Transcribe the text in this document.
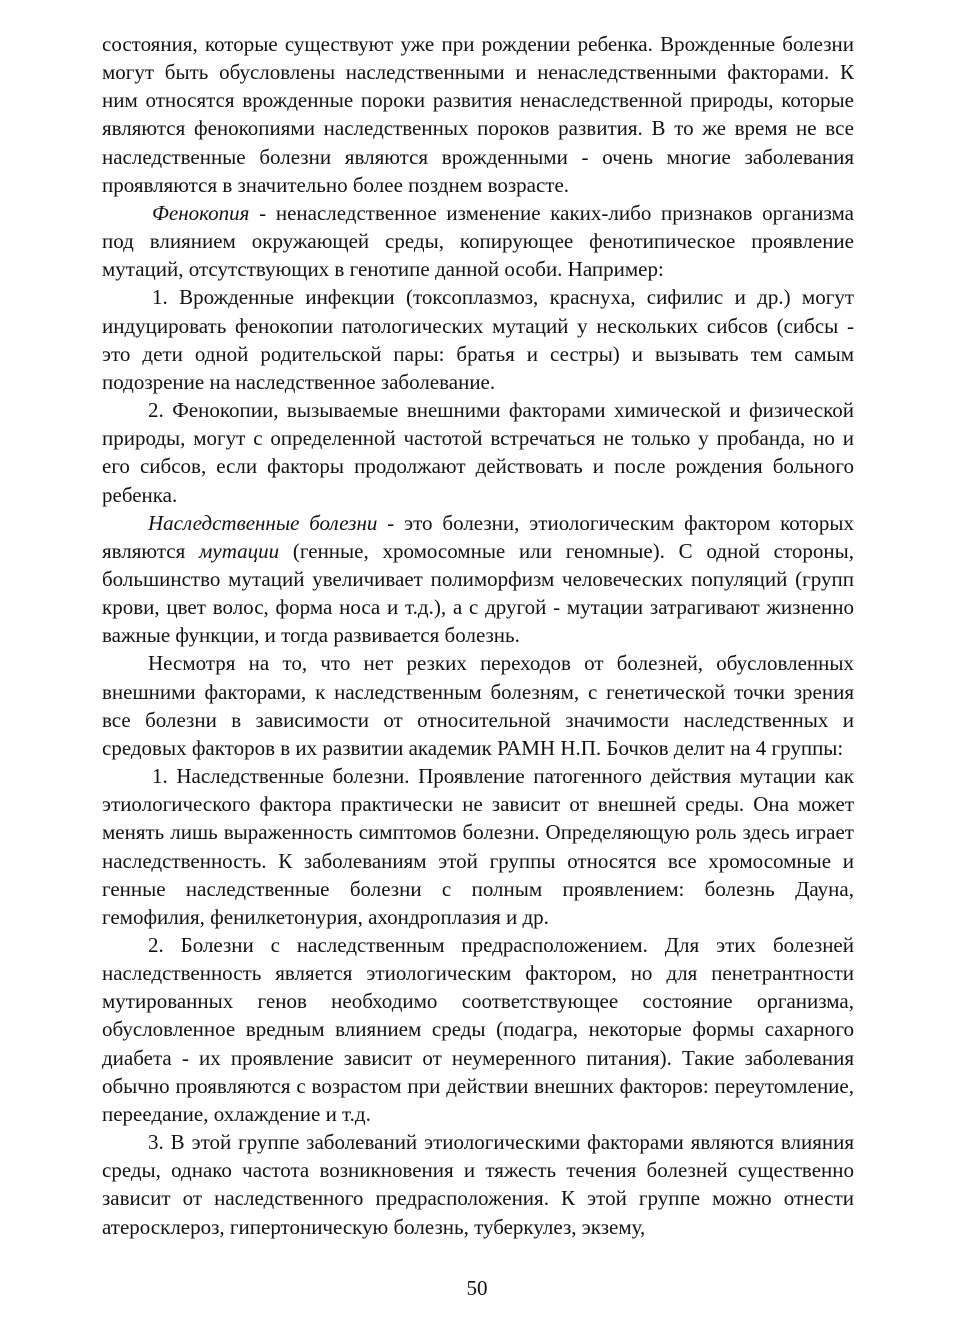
состояния, которые существуют уже при рождении ребенка. Врожденные болезни могут быть обусловлены наследственными и ненаследственными факторами. К ним относятся врожденные пороки развития ненаследственной природы, которые являются фенокопиями наследственных пороков развития. В то же время не все наследственные болезни являются врожденными - очень многие заболевания проявляются в значительно более позднем возрасте.

Фенокопия - ненаследственное изменение каких-либо признаков организма под влиянием окружающей среды, копирующее фенотипическое проявление мутаций, отсутствующих в генотипе данной особи. Например:

1. Врожденные инфекции (токсоплазмоз, краснуха, сифилис и др.) могут индуцировать фенокопии патологических мутаций у нескольких сибсов (сибсы - это дети одной родительской пары: братья и сестры) и вызывать тем самым подозрение на наследственное заболевание.

2. Фенокопии, вызываемые внешними факторами химической и физической природы, могут с определенной частотой встречаться не только у пробанда, но и его сибсов, если факторы продолжают действовать и после рождения больного ребенка.

Наследственные болезни - это болезни, этиологическим фактором которых являются мутации (генные, хромосомные или геномные). С одной стороны, большинство мутаций увеличивает полиморфизм человеческих популяций (групп крови, цвет волос, форма носа и т.д.), а с другой - мутации затрагивают жизненно важные функции, и тогда развивается болезнь.

Несмотря на то, что нет резких переходов от болезней, обусловленных внешними факторами, к наследственным болезням, с генетической точки зрения все болезни в зависимости от относительной значимости наследственных и средовых факторов в их развитии академик РАМН Н.П. Бочков делит на 4 группы:

1. Наследственные болезни. Проявление патогенного действия мутации как этиологического фактора практически не зависит от внешней среды. Она может менять лишь выраженность симптомов болезни. Определяющую роль здесь играет наследственность. К заболеваниям этой группы относятся все хромосомные и генные наследственные болезни с полным проявлением: болезнь Дауна, гемофилия, фенилкетонурия, ахондроплазия и др.

2. Болезни с наследственным предрасположением. Для этих болезней наследственность является этиологическим фактором, но для пенетрантности мутированных генов необходимо соответствующее состояние организма, обусловленное вредным влиянием среды (подагра, некоторые формы сахарного диабета - их проявление зависит от неумеренного питания). Такие заболевания обычно проявляются с возрастом при действии внешних факторов: переутомление, переедание, охлаждение и т.д.

3. В этой группе заболеваний этиологическими факторами являются влияния среды, однако частота возникновения и тяжесть течения болезней существенно зависит от наследственного предрасположения. К этой группе можно отнести атеросклероз, гипертоническую болезнь, туберкулез, экзему,

50
